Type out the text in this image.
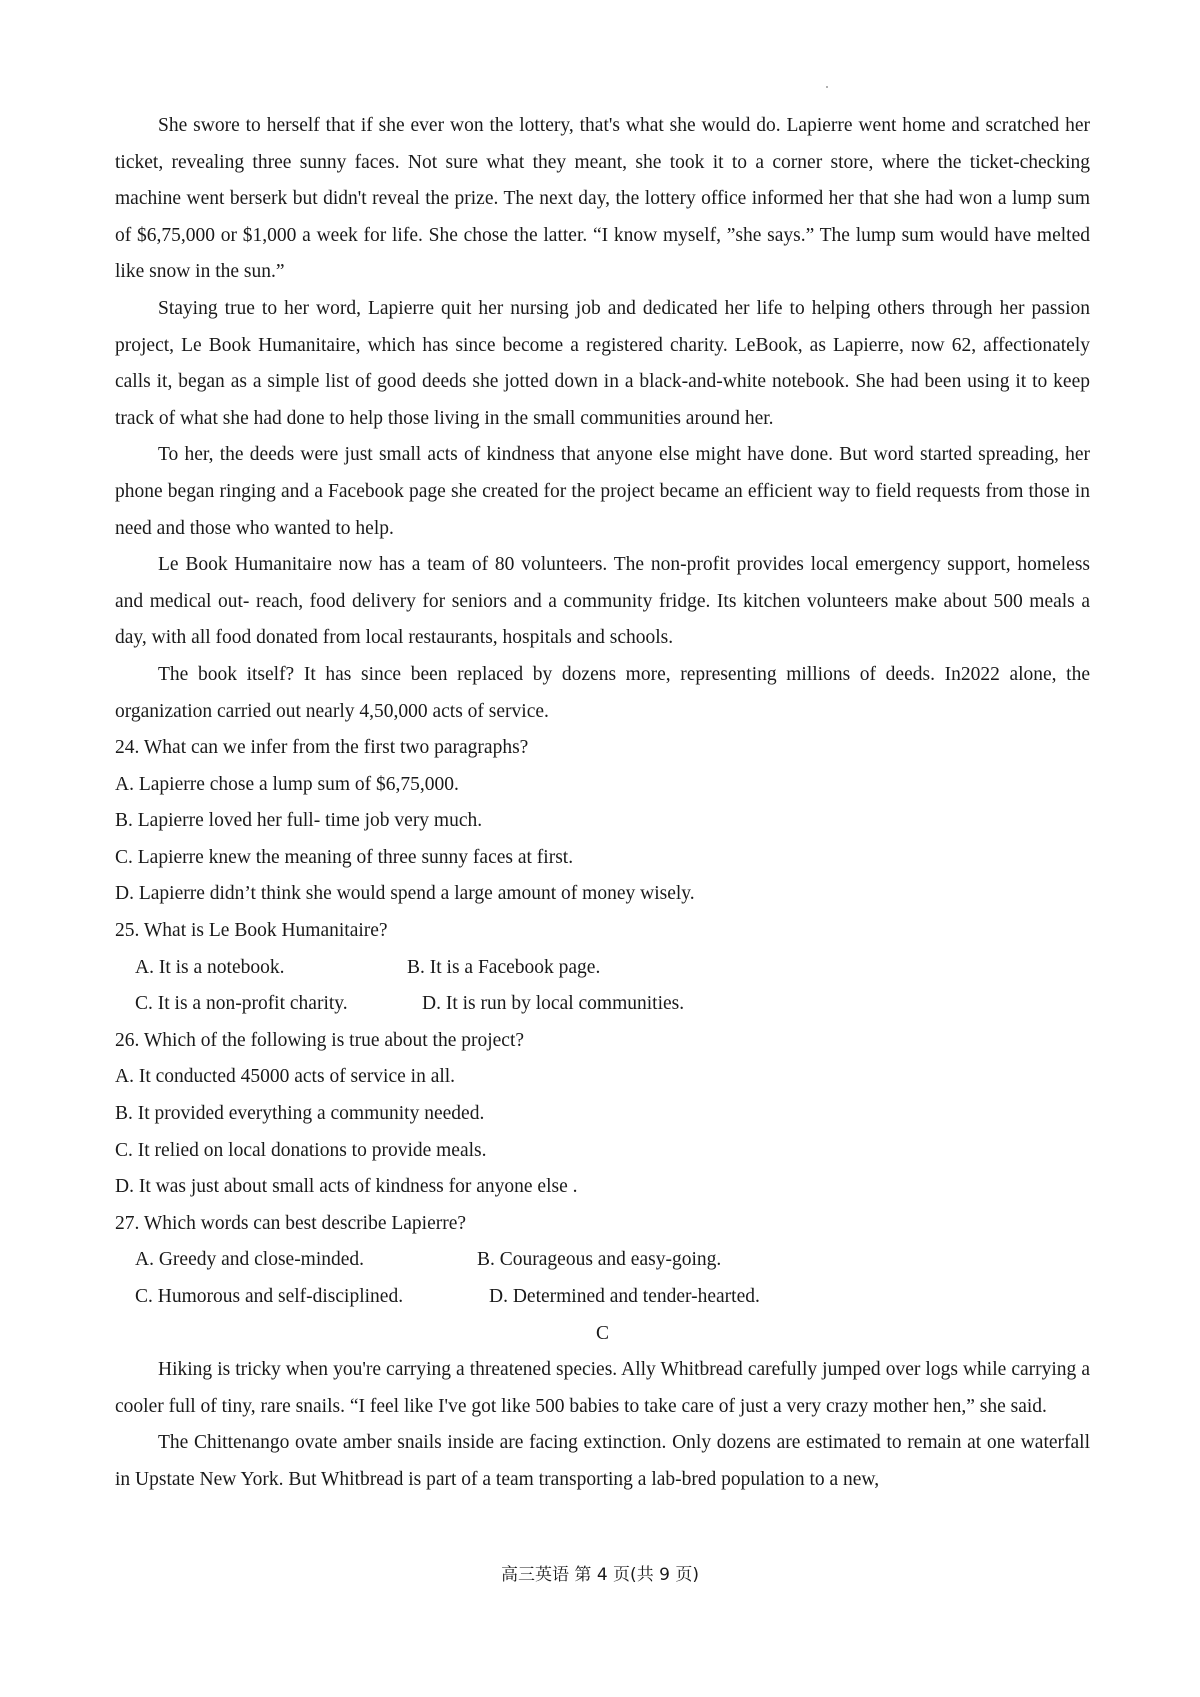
She swore to herself that if she ever won the lottery, that's what she would do. Lapierre went home and scratched her ticket, revealing three sunny faces. Not sure what they meant, she took it to a corner store, where the ticket-checking machine went berserk but didn't reveal the prize. The next day, the lottery office informed her that she had won a lump sum of $6,75,000 or $1,000 a week for life. She chose the latter. “I know myself, ”she says.” The lump sum would have melted like snow in the sun.”

Staying true to her word, Lapierre quit her nursing job and dedicated her life to helping others through her passion project, Le Book Humanitaire, which has since become a registered charity. LeBook, as Lapierre, now 62, affectionately calls it, began as a simple list of good deeds she jotted down in a black-and-white notebook. She had been using it to keep track of what she had done to help those living in the small communities around her.

To her, the deeds were just small acts of kindness that anyone else might have done. But word started spreading, her phone began ringing and a Facebook page she created for the project became an efficient way to field requests from those in need and those who wanted to help.

Le Book Humanitaire now has a team of 80 volunteers. The non-profit provides local emergency support, homeless and medical out- reach, food delivery for seniors and a community fridge. Its kitchen volunteers make about 500 meals a day, with all food donated from local restaurants, hospitals and schools.

The book itself? It has since been replaced by dozens more, representing millions of deeds. In2022 alone, the organization carried out nearly 4,50,000 acts of service.

24. What can we infer from the first two paragraphs?

A. Lapierre chose a lump sum of $6,75,000.

B. Lapierre loved her full- time job very much.

C. Lapierre knew the meaning of three sunny faces at first.

D. Lapierre didn’t think she would spend a large amount of money wisely.

25. What is Le Book Humanitaire?

A. It is a notebook.	B. It is a Facebook page.
C. It is a non-profit charity.	D. It is run by local communities.

26. Which of the following is true about the project?

A. It conducted 45000 acts of service in all.

B. It provided everything a community needed.

C. It relied on local donations to provide meals.

D. It was just about small acts of kindness for anyone else .

27. Which words can best describe Lapierre?

A. Greedy and close-minded.	B. Courageous and easy-going.
C. Humorous and self-disciplined.	D. Determined and tender-hearted.

C

Hiking is tricky when you're carrying a threatened species. Ally Whitbread carefully jumped over logs while carrying a cooler full of tiny, rare snails. “I feel like I've got like 500 babies to take care of just a very crazy mother hen,” she said.

The Chittenango ovate amber snails inside are facing extinction. Only dozens are estimated to remain at one waterfall in Upstate New York. But Whitbread is part of a team transporting a lab-bred population to a new,

高三英语 第 4 页(共 9 页)
